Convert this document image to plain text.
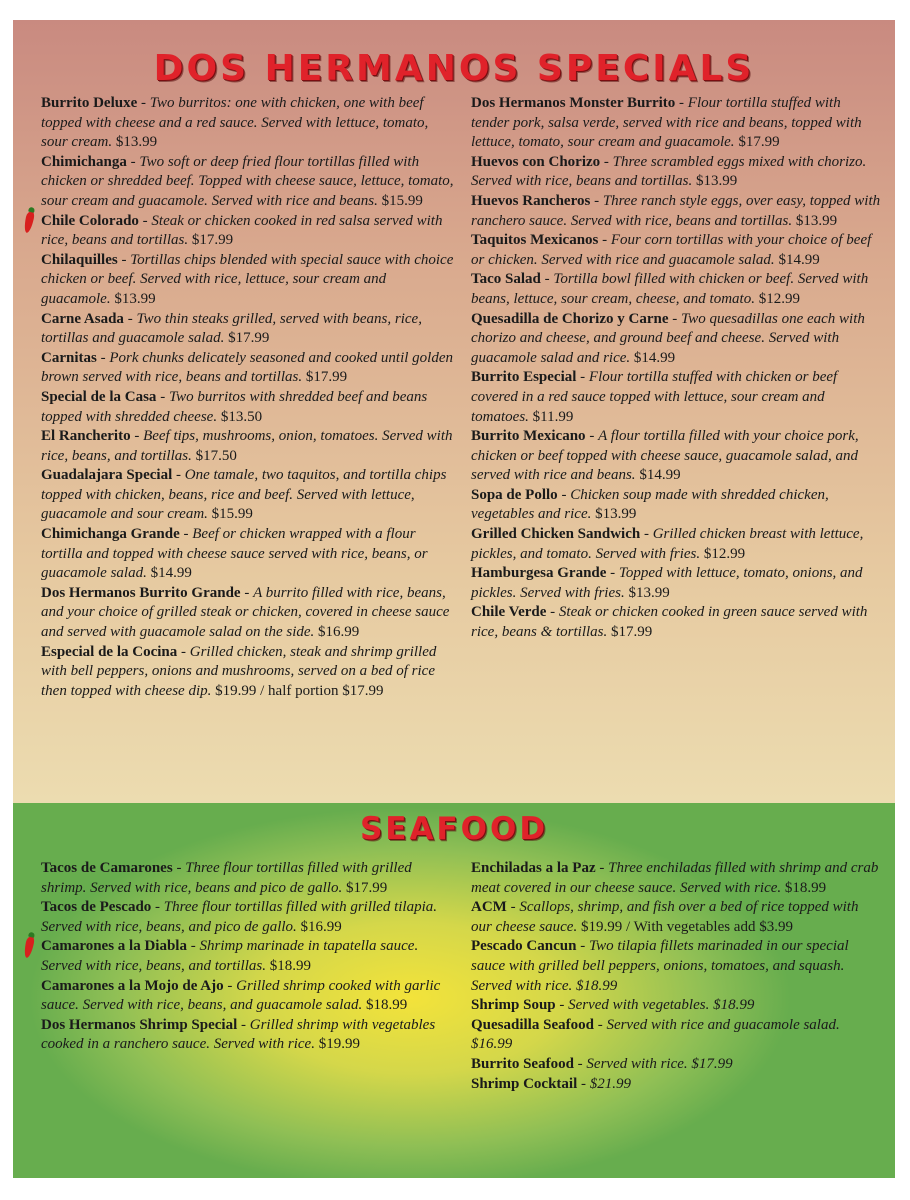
DOS HERMANOS SPECIALS

Burrito Deluxe - Two burritos: one with chicken, one with beef topped with cheese and a red sauce. Served with lettuce, tomato, sour cream. $13.99

Chimichanga - Two soft or deep fried flour tortillas filled with chicken or shredded beef. Topped with cheese sauce, lettuce, tomato, sour cream and guacamole. Served with rice and beans. $15.99

Chile Colorado - Steak or chicken cooked in red salsa served with rice, beans and tortillas. $17.99

Chilaquilles - Tortillas chips blended with special sauce with choice chicken or beef. Served with rice, lettuce, sour cream and guacamole. $13.99

Carne Asada - Two thin steaks grilled, served with beans, rice, tortillas and guacamole salad. $17.99

Carnitas - Pork chunks delicately seasoned and cooked until golden brown served with rice, beans and tortillas. $17.99

Special de la Casa - Two burritos with shredded beef and beans topped with shredded cheese. $13.50

El Rancherito - Beef tips, mushrooms, onion, tomatoes. Served with rice, beans, and tortillas. $17.50

Guadalajara Special - One tamale, two taquitos, and tortilla chips topped with chicken, beans, rice and beef. Served with lettuce, guacamole and sour cream. $15.99

Chimichanga Grande - Beef or chicken wrapped with a flour tortilla and topped with cheese sauce served with rice, beans, or guacamole salad. $14.99

Dos Hermanos Burrito Grande - A burrito filled with rice, beans, and your choice of grilled steak or chicken, covered in cheese sauce and served with guacamole salad on the side. $16.99

Especial de la Cocina - Grilled chicken, steak and shrimp grilled with bell peppers, onions and mushrooms, served on a bed of rice then topped with cheese dip. $19.99 / half portion $17.99

Dos Hermanos Monster Burrito - Flour tortilla stuffed with tender pork, salsa verde, served with rice and beans, topped with lettuce, tomato, sour cream and guacamole. $17.99

Huevos con Chorizo - Three scrambled eggs mixed with chorizo. Served with rice, beans and tortillas. $13.99

Huevos Rancheros - Three ranch style eggs, over easy, topped with ranchero sauce. Served with rice, beans and tortillas. $13.99

Taquitos Mexicanos - Four corn tortillas with your choice of beef or chicken. Served with rice and guacamole salad. $14.99

Taco Salad - Tortilla bowl filled with chicken or beef. Served with beans, lettuce, sour cream, cheese, and tomato. $12.99

Quesadilla de Chorizo y Carne - Two quesadillas one each with chorizo and cheese, and ground beef and cheese. Served with guacamole salad and rice. $14.99

Burrito Especial - Flour tortilla stuffed with chicken or beef covered in a red sauce topped with lettuce, sour cream and tomatoes. $11.99

Burrito Mexicano - A flour tortilla filled with your choice pork, chicken or beef topped with cheese sauce, guacamole salad, and served with rice and beans. $14.99

Sopa de Pollo - Chicken soup made with shredded chicken, vegetables and rice. $13.99

Grilled Chicken Sandwich - Grilled chicken breast with lettuce, pickles, and tomato. Served with fries. $12.99

Hamburgesa Grande - Topped with lettuce, tomato, onions, and pickles. Served with fries. $13.99

Chile Verde - Steak or chicken cooked in green sauce served with rice, beans & tortillas. $17.99

SEAFOOD

Tacos de Camarones - Three flour tortillas filled with grilled shrimp. Served with rice, beans and pico de gallo. $17.99

Tacos de Pescado - Three flour tortillas filled with grilled tilapia. Served with rice, beans, and pico de gallo. $16.99

Camarones a la Diabla - Shrimp marinade in tapatella sauce. Served with rice, beans, and tortillas. $18.99

Camarones a la Mojo de Ajo - Grilled shrimp cooked with garlic sauce. Served with rice, beans, and guacamole salad. $18.99

Dos Hermanos Shrimp Special - Grilled shrimp with vegetables cooked in a ranchero sauce. Served with rice. $19.99

Enchiladas a la Paz - Three enchiladas filled with shrimp and crab meat covered in our cheese sauce. Served with rice. $18.99

ACM - Scallops, shrimp, and fish over a bed of rice topped with our cheese sauce. $19.99 / With vegetables add $3.99

Pescado Cancun - Two tilapia fillets marinaded in our special sauce with grilled bell peppers, onions, tomatoes, and squash. Served with rice. $18.99

Shrimp Soup - Served with vegetables. $18.99

Quesadilla Seafood - Served with rice and guacamole salad. $16.99

Burrito Seafood - Served with rice. $17.99

Shrimp Cocktail - $21.99
